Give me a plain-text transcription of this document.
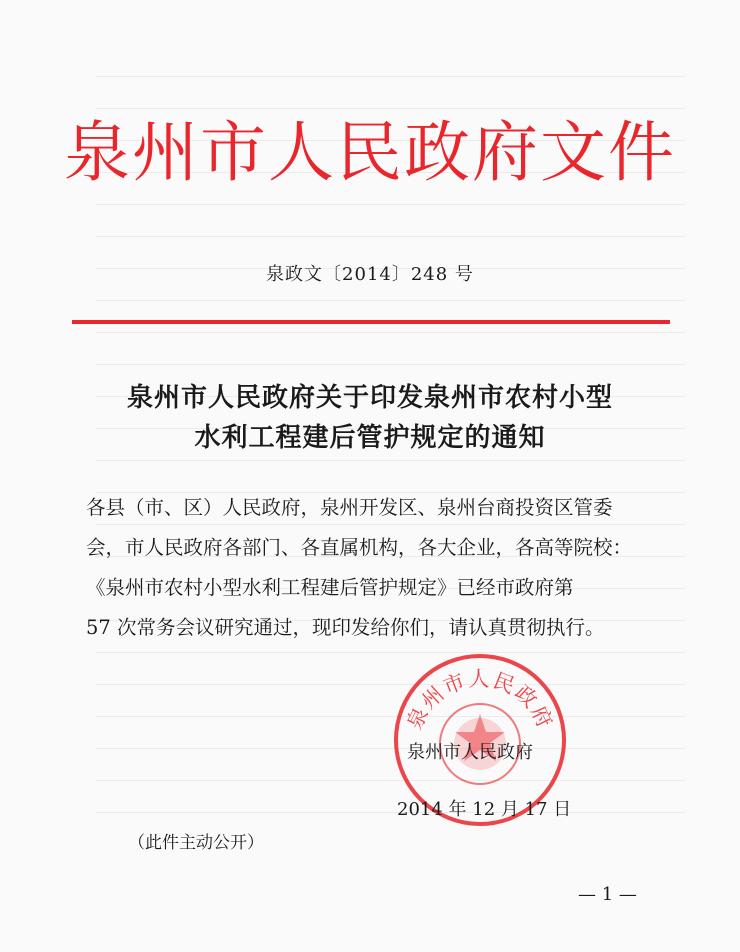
泉州市人民政府文件
泉政文〔2014〕248 号
泉州市人民政府关于印发泉州市农村小型
水利工程建后管护规定的通知
各县（市、区）人民政府，泉州开发区、泉州台商投资区管委
会，市人民政府各部门、各直属机构，各大企业，各高等院校：
《泉州市农村小型水利工程建后管护规定》已经市政府第
57 次常务会议研究通过，现印发给你们，请认真贯彻执行。
泉州市人民政府
泉州市人民政府
2014 年 12 月 17 日
（此件主动公开）
— 1 —
